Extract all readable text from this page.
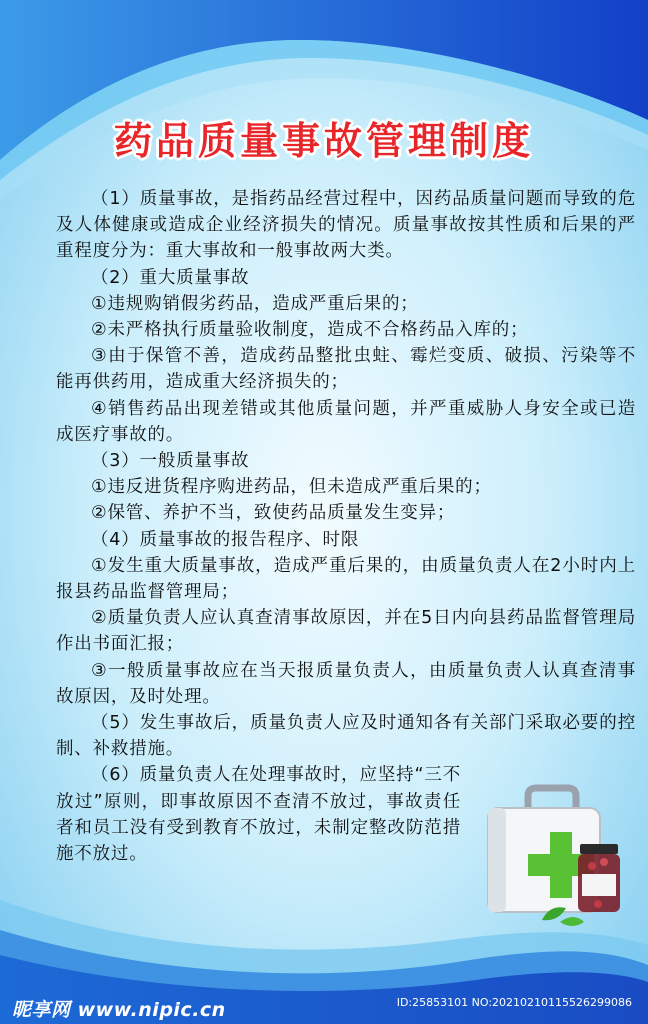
药品质量事故管理制度

（1）质量事故，是指药品经营过程中，因药品质量问题而导致的危及人体健康或造成企业经济损失的情况。质量事故按其性质和后果的严重程度分为：重大事故和一般事故两大类。

（2）重大质量事故

①违规购销假劣药品，造成严重后果的；

②未严格执行质量验收制度，造成不合格药品入库的；

③由于保管不善，造成药品整批虫蛀、霉烂变质、破损、污染等不能再供药用，造成重大经济损失的；

④销售药品出现差错或其他质量问题，并严重威胁人身安全或已造成医疗事故的。

（3）一般质量事故

①违反进货程序购进药品，但未造成严重后果的；

②保管、养护不当，致使药品质量发生变异；

（4）质量事故的报告程序、时限

①发生重大质量事故，造成严重后果的，由质量负责人在2小时内上报县药品监督管理局；

②质量负责人应认真查清事故原因，并在5日内向县药品监督管理局作出书面汇报；

③一般质量事故应在当天报质量负责人，由质量负责人认真查清事故原因，及时处理。

（5）发生事故后，质量负责人应及时通知各有关部门采取必要的控制、补救措施。

（6）质量负责人在处理事故时，应坚持“三不放过”原则，即事故原因不查清不放过，事故责任者和员工没有受到教育不放过，未制定整改防范措施不放过。

昵享网 www.nipic.cn	ID:25853101 NO:20210210115526299086
